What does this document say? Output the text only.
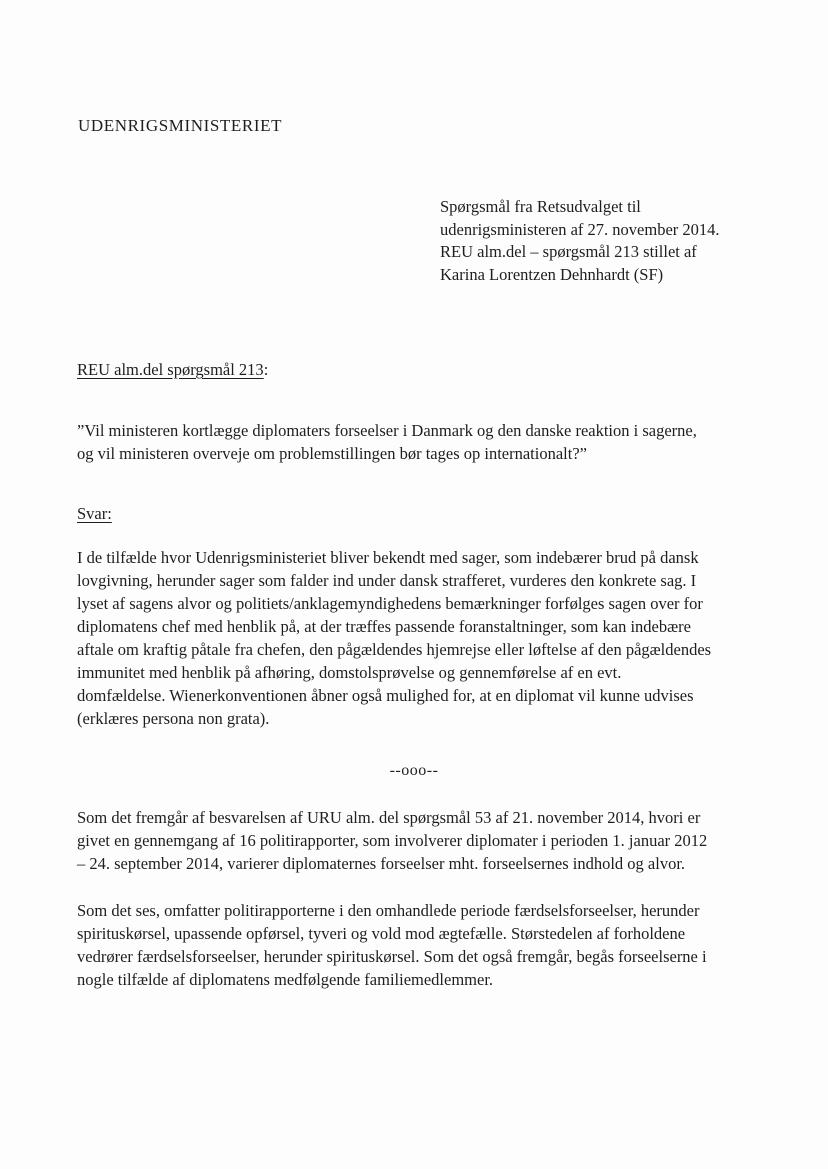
UDENRIGSMINISTERIET
Spørgsmål fra Retsudvalget til
udenrigsministeren af 27. november 2014.
REU alm.del – spørgsmål 213 stillet af
Karina Lorentzen Dehnhardt (SF)
REU alm.del spørgsmål 213:
”Vil ministeren kortlægge diplomaters forseelser i Danmark og den danske reaktion i sagerne,
og vil ministeren overveje om problemstillingen bør tages op internationalt?”
Svar:
I de tilfælde hvor Udenrigsministeriet bliver bekendt med sager, som indebærer brud på dansk
lovgivning, herunder sager som falder ind under dansk strafferet, vurderes den konkrete sag. I
lyset af sagens alvor og politiets/anklagemyndighedens bemærkninger forfølges sagen over for
diplomatens chef med henblik på, at der træffes passende foranstaltninger, som kan indebære
aftale om kraftig påtale fra chefen, den pågældendes hjemrejse eller løftelse af den pågældendes
immunitet med henblik på afhøring, domstolsprøvelse og gennemførelse af en evt.
domfældelse. Wienerkonventionen åbner også mulighed for, at en diplomat vil kunne udvises
(erklæres persona non grata).
--ooo--
Som det fremgår af besvarelsen af URU alm. del spørgsmål 53 af 21. november 2014, hvori er
givet en gennemgang af 16 politirapporter, som involverer diplomater i perioden 1. januar 2012
– 24. september 2014, varierer diplomaternes forseelser mht. forseelsernes indhold og alvor.
Som det ses, omfatter politirapporterne i den omhandlede periode færdselsforseelser, herunder
spirituskørsel, upassende opførsel, tyveri og vold mod ægtefælle. Størstedelen af forholdene
vedrører færdselsforseelser, herunder spirituskørsel. Som det også fremgår, begås forseelserne i
nogle tilfælde af diplomatens medfølgende familiemedlemmer.
